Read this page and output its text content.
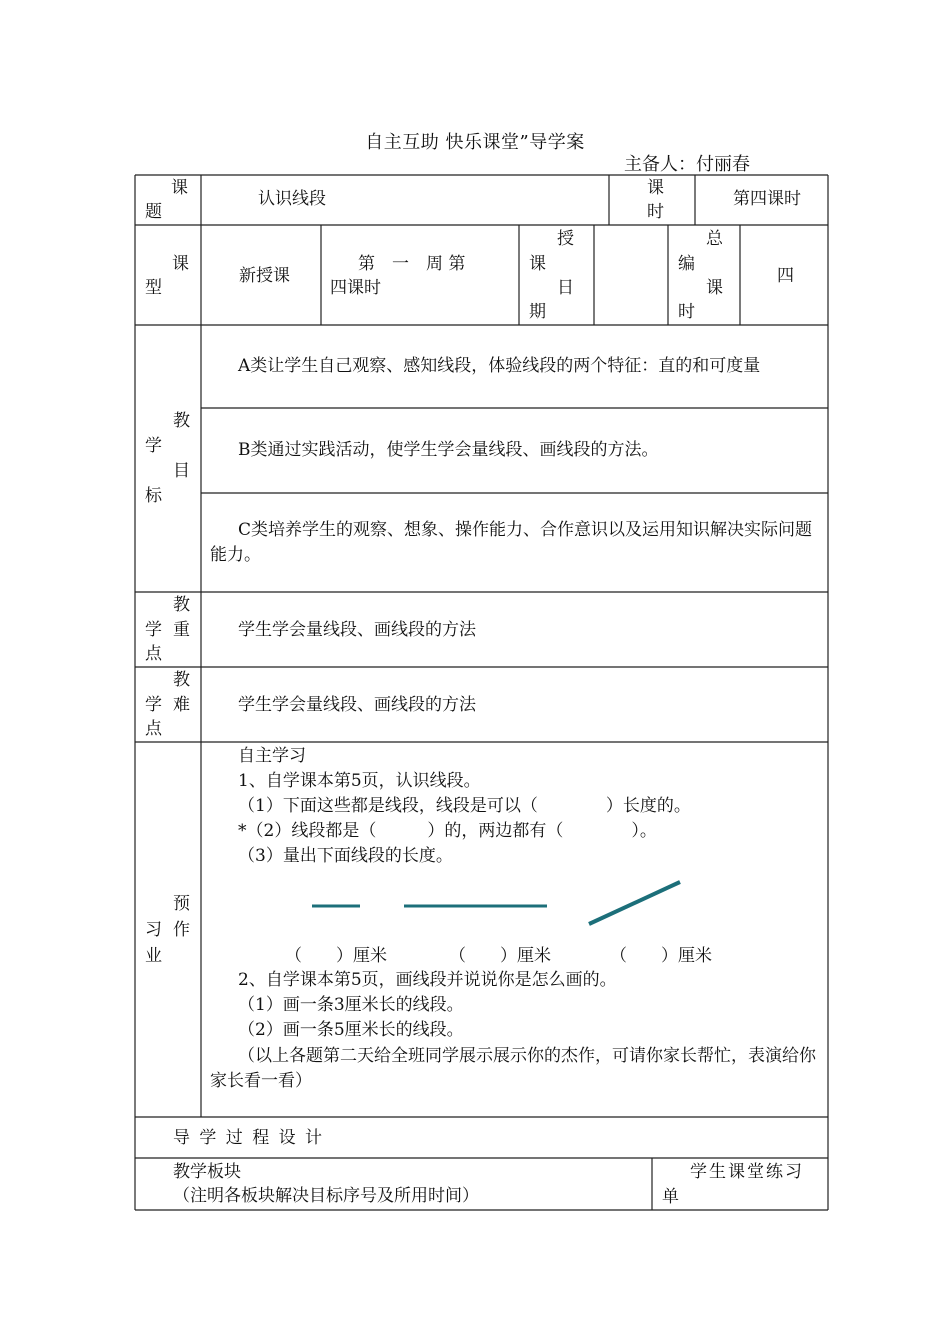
自主互助 快乐课堂”导学案
主备人：付丽春
课
题
认识线段
课
时
第四课时
课
型
新授课
第　一　周 第
四课时
授
课
日
期
总
编
课
时
四
教
学
目
标
A类让学生自己观察、感知线段，体验线段的两个特征：直的和可度量
B类通过实践活动，使学生学会量线段、画线段的方法。
C类培养学生的观察、想象、操作能力、合作意识以及运用知识解决实际问题能力。
教
学 重
点
学生学会量线段、画线段的方法
教
学 难
点
学生学会量线段、画线段的方法
预
习 作
业
自主学习
1、自学课本第5页，认识线段。
（1）下面这些都是线段，线段是可以（　　　　）长度的。
*（2）线段都是（　　　）的，两边都有（　　　　）。
（3）量出下面线段的长度。
（　　）厘米	（　　）厘米	（　　）厘米
2、自学课本第5页，画线段并说说你是怎么画的。
（1）画一条3厘米长的线段。
（2）画一条5厘米长的线段。
（以上各题第二天给全班同学展示展示你的杰作，可请你家长帮忙，表演给你家长看一看）
导 学 过 程 设 计
教学板块
（注明各板块解决目标序号及所用时间）
学生课堂练习单
